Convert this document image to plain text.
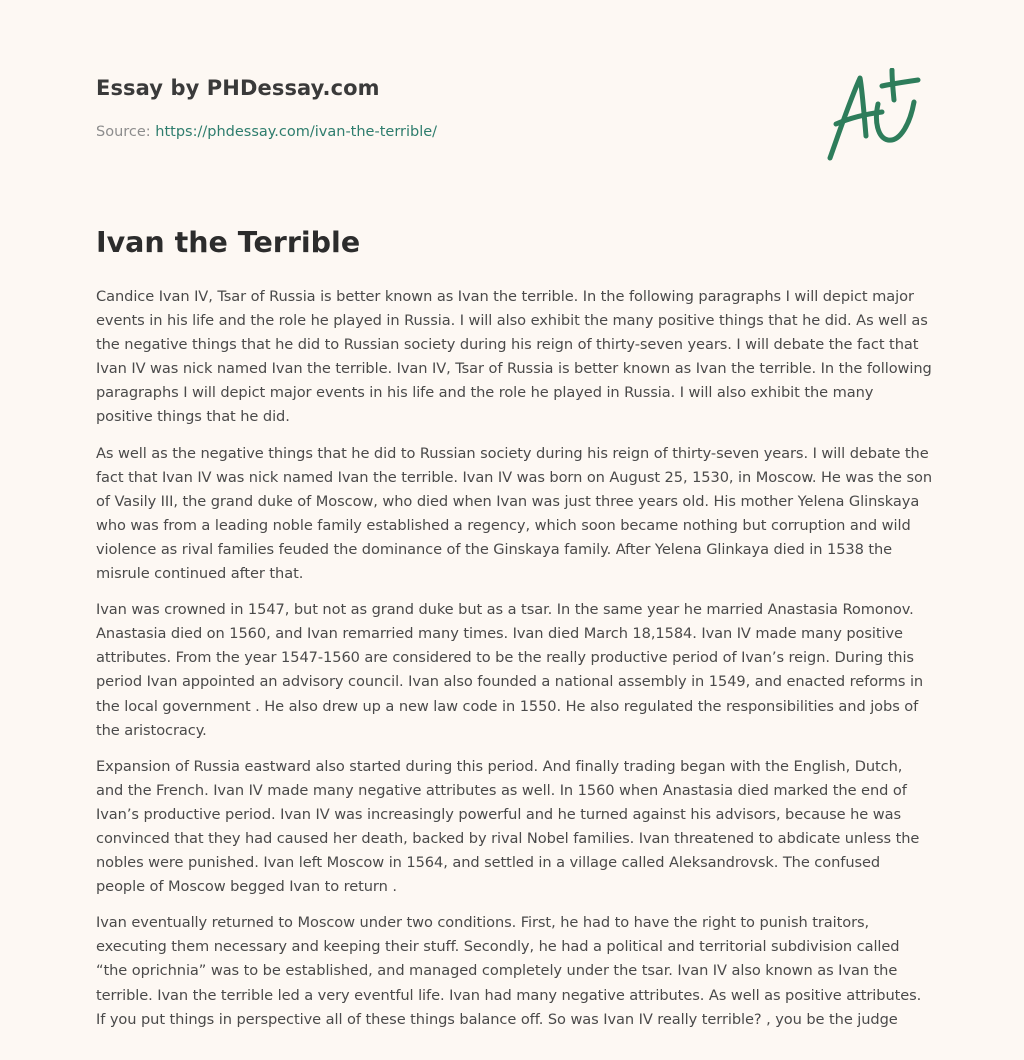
Essay by PHDessay.com
Source: https://phdessay.com/ivan-the-terrible/
Ivan the Terrible

Candice Ivan IV, Tsar of Russia is better known as Ivan the terrible. In the following paragraphs I will depict major events in his life and the role he played in Russia. I will also exhibit the many positive things that he did. As well as the negative things that he did to Russian society during his reign of thirty-seven years. I will debate the fact that Ivan IV was nick named Ivan the terrible. Ivan IV, Tsar of Russia is better known as Ivan the terrible. In the following paragraphs I will depict major events in his life and the role he played in Russia. I will also exhibit the many positive things that he did.

As well as the negative things that he did to Russian society during his reign of thirty-seven years. I will debate the fact that Ivan IV was nick named Ivan the terrible. Ivan IV was born on August 25, 1530, in Moscow. He was the son of Vasily III, the grand duke of Moscow, who died when Ivan was just three years old. His mother Yelena Glinskaya who was from a leading noble family established a regency, which soon became nothing but corruption and wild violence as rival families feuded the dominance of the Ginskaya family. After Yelena Glinkaya died in 1538 the misrule continued after that.

Ivan was crowned in 1547, but not as grand duke but as a tsar. In the same year he married Anastasia Romonov. Anastasia died on 1560, and Ivan remarried many times. Ivan died March 18,1584. Ivan IV made many positive attributes. From the year 1547-1560 are considered to be the really productive period of Ivan’s reign. During this period Ivan appointed an advisory council. Ivan also founded a national assembly in 1549, and enacted reforms in the local government . He also drew up a new law code in 1550. He also regulated the responsibilities and jobs of the aristocracy.

Expansion of Russia eastward also started during this period. And finally trading began with the English, Dutch, and the French. Ivan IV made many negative attributes as well. In 1560 when Anastasia died marked the end of Ivan’s productive period. Ivan IV was increasingly powerful and he turned against his advisors, because he was convinced that they had caused her death, backed by rival Nobel families. Ivan threatened to abdicate unless the nobles were punished. Ivan left Moscow in 1564, and settled in a village called Aleksandrovsk. The confused people of Moscow begged Ivan to return .

Ivan eventually returned to Moscow under two conditions. First, he had to have the right to punish traitors, executing them necessary and keeping their stuff. Secondly, he had a political and territorial subdivision called “the oprichnia” was to be established, and managed completely under the tsar. Ivan IV also known as Ivan the terrible. Ivan the terrible led a very eventful life. Ivan had many negative attributes. As well as positive attributes. If you put things in perspective all of these things balance off. So was Ivan IV really terrible? , you be the judge
